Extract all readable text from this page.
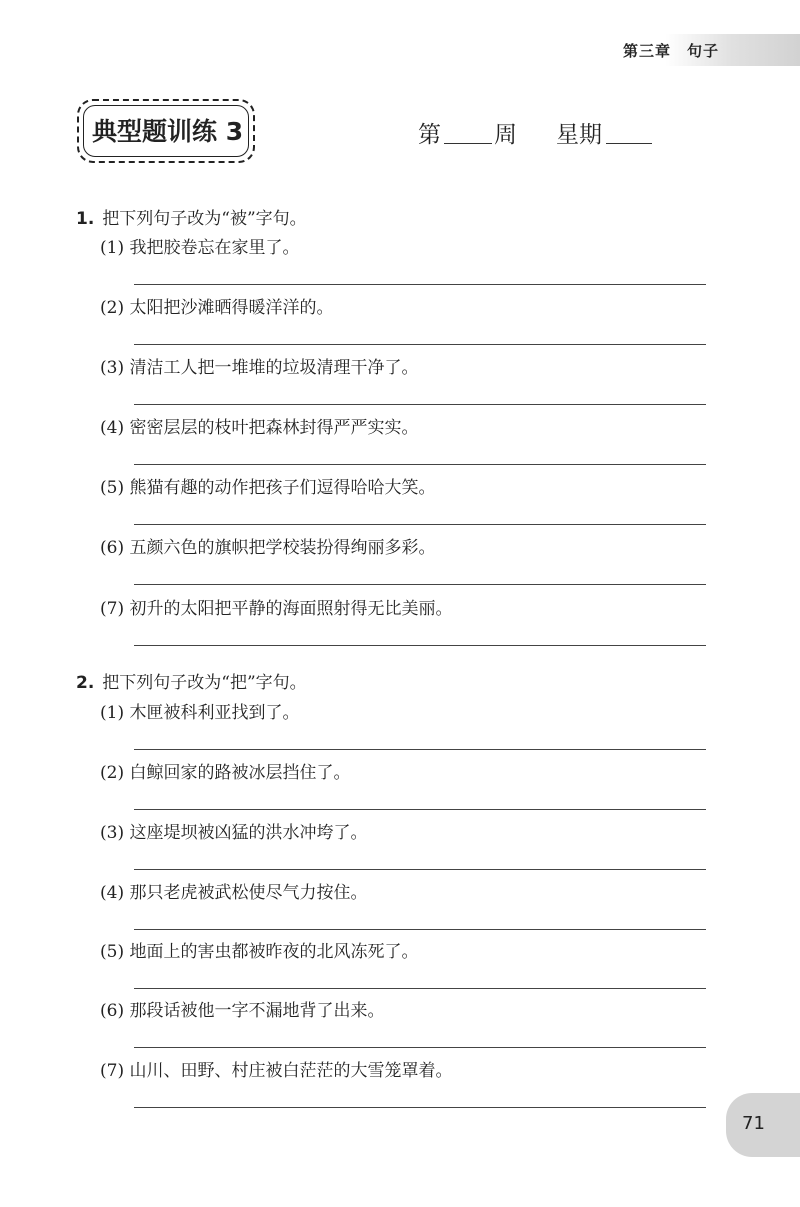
第三章　句子
典型题训练 3	第 周 星期
1. 把下列句子改为“被”字句。
(1) 我把胶卷忘在家里了。
(2) 太阳把沙滩晒得暖洋洋的。
(3) 清洁工人把一堆堆的垃圾清理干净了。
(4) 密密层层的枝叶把森林封得严严实实。
(5) 熊猫有趣的动作把孩子们逗得哈哈大笑。
(6) 五颜六色的旗帜把学校装扮得绚丽多彩。
(7) 初升的太阳把平静的海面照射得无比美丽。
2. 把下列句子改为“把”字句。
(1) 木匣被科利亚找到了。
(2) 白鲸回家的路被冰层挡住了。
(3) 这座堤坝被凶猛的洪水冲垮了。
(4) 那只老虎被武松使尽气力按住。
(5) 地面上的害虫都被昨夜的北风冻死了。
(6) 那段话被他一字不漏地背了出来。
(7) 山川、田野、村庄被白茫茫的大雪笼罩着。
71
